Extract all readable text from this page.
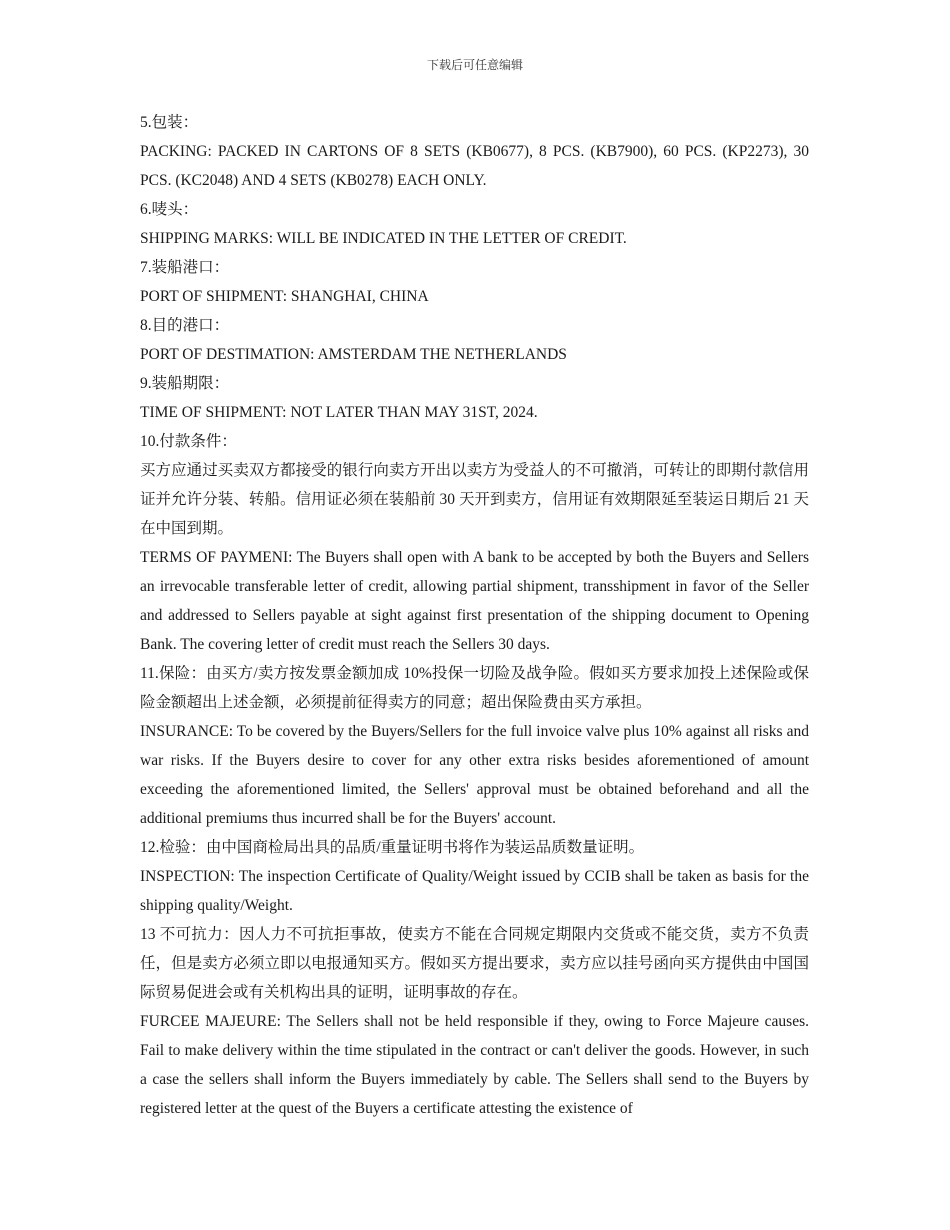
下载后可任意编辑

5.包装：

PACKING: PACKED IN CARTONS OF 8 SETS (KB0677), 8 PCS. (KB7900), 60 PCS. (KP2273), 30 PCS. (KC2048) AND 4 SETS (KB0278) EACH ONLY.

6.唛头：

SHIPPING MARKS: WILL BE INDICATED IN THE LETTER OF CREDIT.

7.装船港口：

PORT OF SHIPMENT: SHANGHAI, CHINA

8.目的港口：

PORT OF DESTIMATION: AMSTERDAM THE NETHERLANDS

9.装船期限：

TIME OF SHIPMENT: NOT LATER THAN MAY 31ST, 2024.

10.付款条件：

买方应通过买卖双方都接受的银行向卖方开出以卖方为受益人的不可撤消，可转让的即期付款信用证并允许分装、转船。信用证必须在装船前 30 天开到卖方，信用证有效期限延至装运日期后 21 天在中国到期。

TERMS OF PAYMENI: The Buyers shall open with A bank to be accepted by both the Buyers and Sellers an irrevocable transferable letter of credit, allowing partial shipment, transshipment in favor of the Seller and addressed to Sellers payable at sight against first presentation of the shipping document to Opening Bank. The covering letter of credit must reach the Sellers 30 days.

11.保险：由买方/卖方按发票金额加成 10%投保一切险及战争险。假如买方要求加投上述保险或保险金额超出上述金额，必须提前征得卖方的同意；超出保险费由买方承担。

INSURANCE: To be covered by the Buyers/Sellers for the full invoice valve plus 10% against all risks and war risks. If the Buyers desire to cover for any other extra risks besides aforementioned of amount exceeding the aforementioned limited, the Sellers' approval must be obtained beforehand and all the additional premiums thus incurred shall be for the Buyers' account.

12.检验：由中国商检局出具的品质/重量证明书将作为装运品质数量证明。

INSPECTION: The inspection Certificate of Quality/Weight issued by CCIB shall be taken as basis for the shipping quality/Weight.

13 不可抗力：因人力不可抗拒事故，使卖方不能在合同规定期限内交货或不能交货，卖方不负责任，但是卖方必须立即以电报通知买方。假如买方提出要求，卖方应以挂号函向买方提供由中国国际贸易促进会或有关机构出具的证明，证明事故的存在。

FURCEE MAJEURE: The Sellers shall not be held responsible if they, owing to Force Majeure causes. Fail to make delivery within the time stipulated in the contract or can't deliver the goods. However, in such a case the sellers shall inform the Buyers immediately by cable. The Sellers shall send to the Buyers by registered letter at the quest of the Buyers a certificate attesting the existence of
